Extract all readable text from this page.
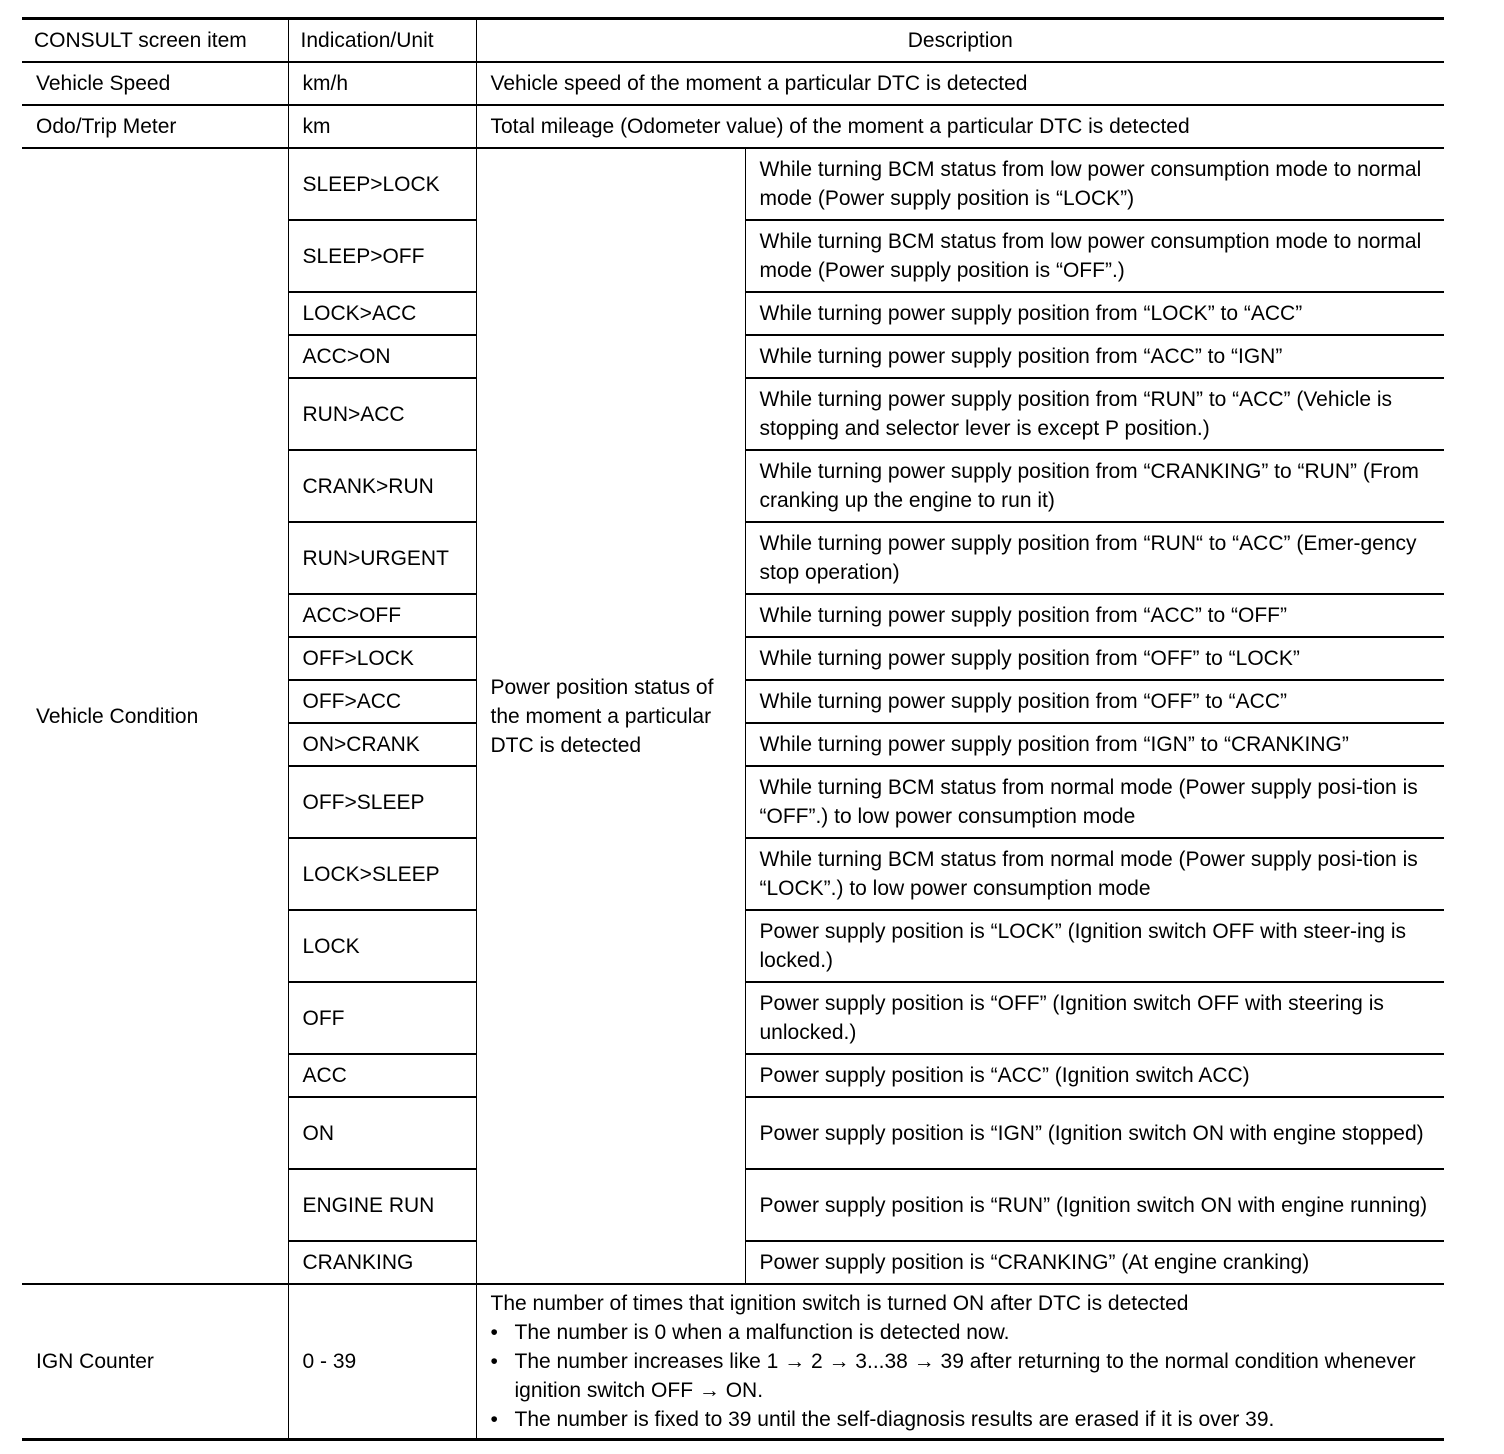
CONSULT screen item	Indication/Unit	Description	
Vehicle Speed	km/h	Vehicle speed of the moment a particular DTC is detected	
Odo/Trip Meter	km	Total mileage (Odometer value) of the moment a particular DTC is detected	
Vehicle Condition	SLEEP>LOCK	Power position status of the moment a particular DTC is detected	While turning BCM status from low power consumption mode to normal mode (Power supply position is “LOCK”)
	SLEEP>OFF		While turning BCM status from low power consumption mode to normal mode (Power supply position is “OFF”.)
	LOCK>ACC		While turning power supply position from “LOCK” to “ACC”
	ACC>ON		While turning power supply position from “ACC” to “IGN”
	RUN>ACC		While turning power supply position from “RUN” to “ACC” (Vehicle is stopping and selector lever is except P position.)
	CRANK>RUN		While turning power supply position from “CRANKING” to “RUN” (From cranking up the engine to run it)
	RUN>URGENT		While turning power supply position from “RUN“ to “ACC” (Emer-gency stop operation)
	ACC>OFF		While turning power supply position from “ACC” to “OFF”
	OFF>LOCK		While turning power supply position from “OFF” to “LOCK”
	OFF>ACC		While turning power supply position from “OFF” to “ACC”
	ON>CRANK		While turning power supply position from “IGN” to “CRANKING”
	OFF>SLEEP		While turning BCM status from normal mode (Power supply posi-tion is “OFF”.) to low power consumption mode
	LOCK>SLEEP		While turning BCM status from normal mode (Power supply posi-tion is “LOCK”.) to low power consumption mode
	LOCK		Power supply position is “LOCK” (Ignition switch OFF with steer-ing is locked.)
	OFF		Power supply position is “OFF” (Ignition switch OFF with steering is unlocked.)
	ACC		Power supply position is “ACC” (Ignition switch ACC)
	ON		Power supply position is “IGN” (Ignition switch ON with engine stopped)
	ENGINE RUN		Power supply position is “RUN” (Ignition switch ON with engine running)
	CRANKING		Power supply position is “CRANKING” (At engine cranking)
IGN Counter	0 - 39	The number of times that ignition switch is turned ON after DTC is detected
• The number is 0 when a malfunction is detected now.
• The number increases like 1 → 2 → 3...38 → 39 after returning to the normal condition whenever ignition switch OFF → ON.
• The number is fixed to 39 until the self-diagnosis results are erased if it is over 39.
